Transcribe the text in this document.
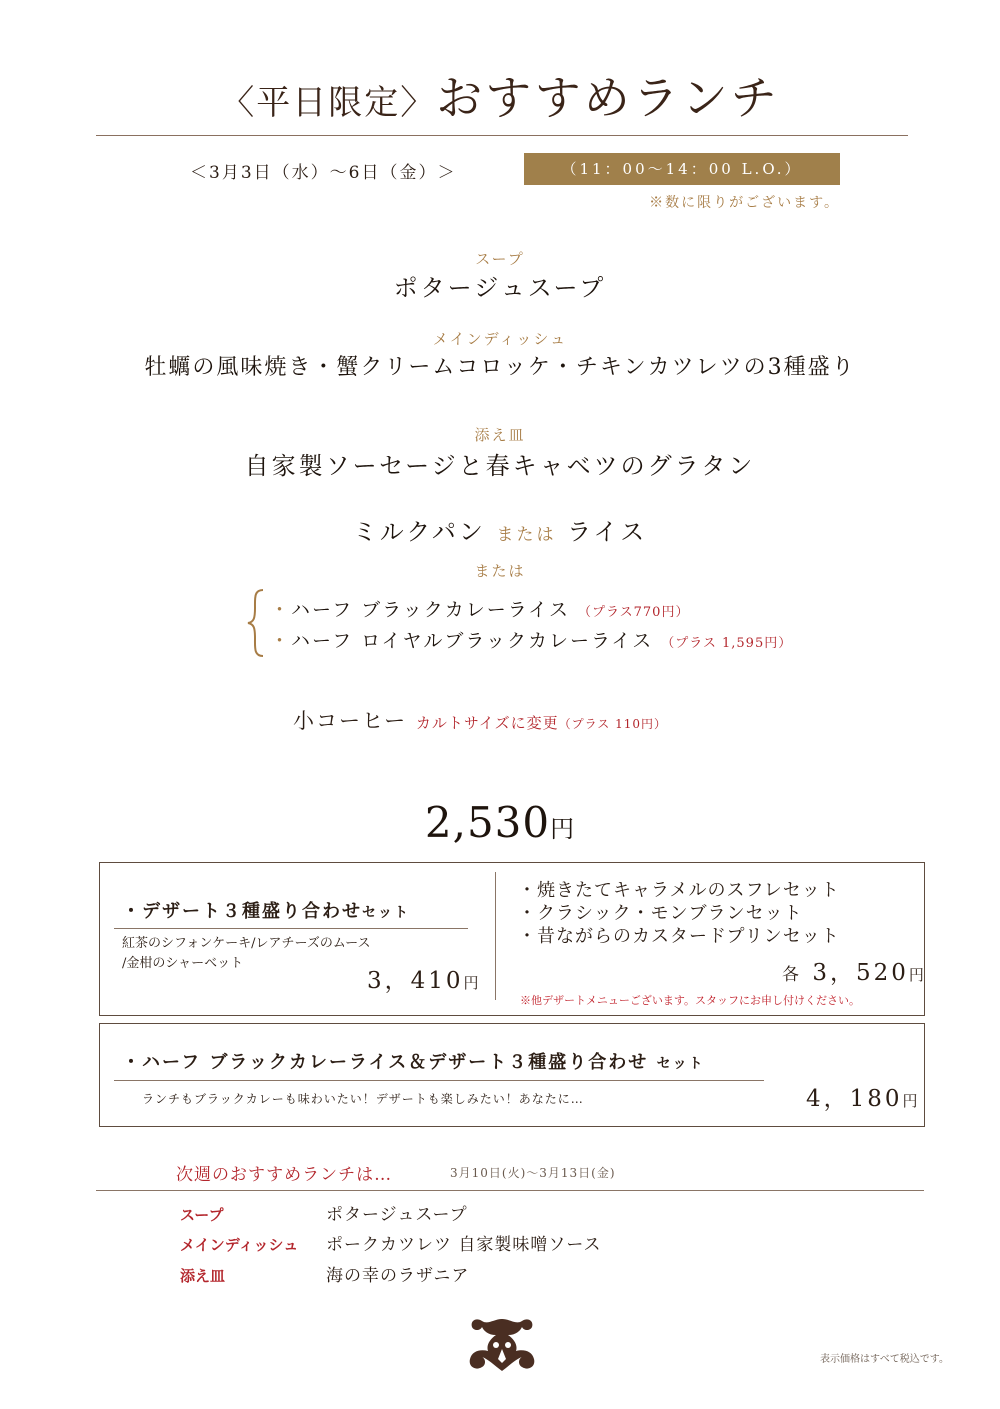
〈平日限定〉おすすめランチ
＜3月3日（水）～6日（金）＞	（11：00～14：00 L.O.）
※数に限りがございます。
スープ
ポタージュスープ
メインディッシュ
牡蠣の風味焼き・蟹クリームコロッケ・チキンカツレツの3種盛り
添え皿
自家製ソーセージと春キャベツのグラタン
ミルクパン または ライス
または
・ハーフ ブラックカレーライス （プラス770円）
・ハーフ ロイヤルブラックカレーライス （プラス 1,595円）
小コーヒー カルトサイズに変更（プラス 110円）
2,530円
・デザート３種盛り合わせセット
紅茶のシフォンケーキ/レアチーズのムース
/金柑のシャーベット
3，410円
・焼きたてキャラメルのスフレセット
・クラシック・モンブランセット
・昔ながらのカスタードプリンセット
各 3，520円
※他デザートメニューございます。スタッフにお申し付けください。
・ハーフ ブラックカレーライス＆デザート３種盛り合わせ セット
ランチもブラックカレーも味わいたい！デザートも楽しみたい！あなたに…	4，180円
次週のおすすめランチは…	3月10日(火)～3月13日(金)
スープ	ポタージュスープ
メインディッシュ ポークカツレツ 自家製味噌ソース
添え皿	海の幸のラザニア
表示価格はすべて税込です。
